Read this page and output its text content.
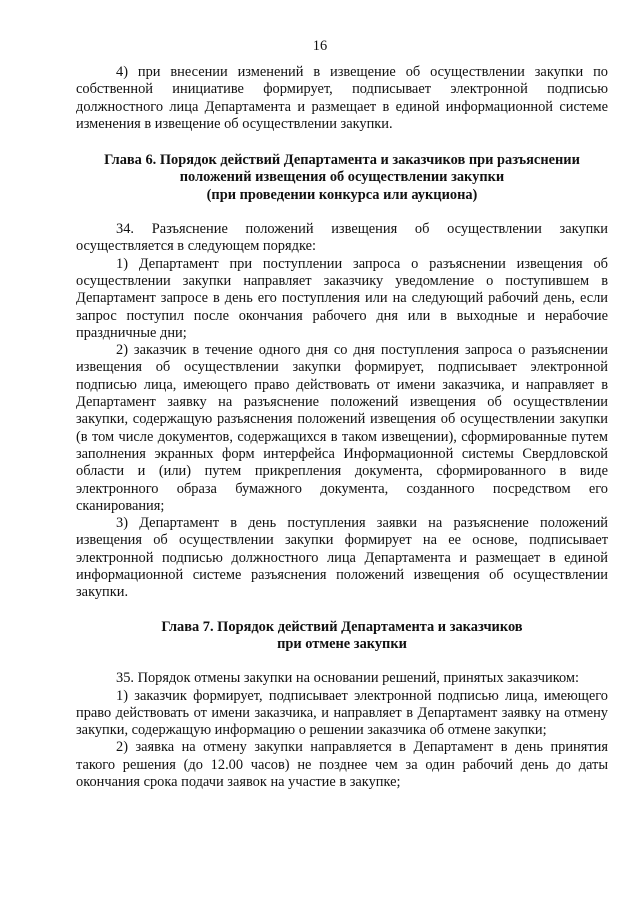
16

4) при внесении изменений в извещение об осуществлении закупки по собственной инициативе формирует, подписывает электронной подписью должностного лица Департамента и размещает в единой информационной системе изменения в извещение об осуществлении закупки.

Глава 6. Порядок действий Департамента и заказчиков при разъяснении
положений извещения об осуществлении закупки
(при проведении конкурса или аукциона)

34. Разъяснение положений извещения об осуществлении закупки осуществляется в следующем порядке:

1) Департамент при поступлении запроса о разъяснении извещения об осуществлении закупки направляет заказчику уведомление о поступившем в Департамент запросе в день его поступления или на следующий рабочий день, если запрос поступил после окончания рабочего дня или в выходные и нерабочие праздничные дни;

2) заказчик в течение одного дня со дня поступления запроса о разъяснении извещения об осуществлении закупки формирует, подписывает электронной подписью лица, имеющего право действовать от имени заказчика, и направляет в Департамент заявку на разъяснение положений извещения об осуществлении закупки, содержащую разъяснения положений извещения об осуществлении закупки (в том числе документов, содержащихся в таком извещении), сформированные путем заполнения экранных форм интерфейса Информационной системы Свердловской области и (или) путем прикрепления документа, сформированного в виде электронного образа бумажного документа, созданного посредством его сканирования;

3) Департамент в день поступления заявки на разъяснение положений извещения об осуществлении закупки формирует на ее основе, подписывает электронной подписью должностного лица Департамента и размещает в единой информационной системе разъяснения положений извещения об осуществлении закупки.

Глава 7. Порядок действий Департамента и заказчиков
при отмене закупки

35. Порядок отмены закупки на основании решений, принятых заказчиком:

1) заказчик формирует, подписывает электронной подписью лица, имеющего право действовать от имени заказчика, и направляет в Департамент заявку на отмену закупки, содержащую информацию о решении заказчика об отмене закупки;

2) заявка на отмену закупки направляется в Департамент в день принятия такого решения (до 12.00 часов) не позднее чем за один рабочий день до даты окончания срока подачи заявок на участие в закупке;
